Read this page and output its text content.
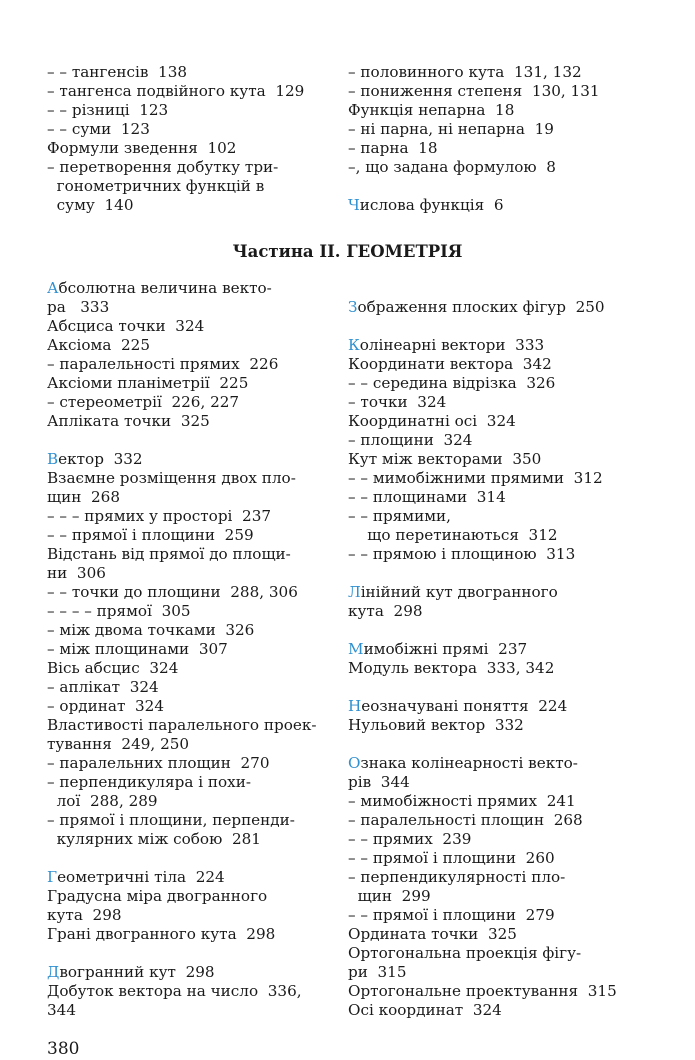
– – тангенсів  138
– тангенса подвійного кута  129
– – різниці  123
– – суми  123
Формули зведення  102
– перетворення добутку три-
гонометричних функцій в
суму  140
– половинного кута  131, 132
– пониження степеня  130, 131
Функція непарна  18
– ні парна, ні непарна  19
– парна  18
–, що задана формулою  8
Числова функція  6
Частина ІІ. ГЕОМЕТРІЯ
Абсолютна величина векто-
ра   333
Абсциса точки  324
Аксіома  225
– паралельності прямих  226
Аксіоми планіметрії  225
– стереометрії  226, 227
Апліката точки  325
Вектор  332
Взаємне розміщення двох пло-
щин  268
– – – прямих у просторі  237
– – прямої і площини  259
Відстань від прямої до площи-
ни  306
– – точки до площини  288, 306
– – – – прямої  305
– між двома точками  326
– між площинами  307
Вісь абсцис  324
– аплікат  324
– ординат  324
Властивості паралельного проек-
тування  249, 250
– паралельних площин  270
– перпендикуляра і похи-
лої  288, 289
– прямої і площини, перпенди-
кулярних між собою  281
Геометричні тіла  224
Градусна міра двогранного
кута  298
Грані двогранного кута  298
Двогранний кут  298
Добуток вектора на число  336,
344
Зображення плоских фігур  250
Колінеарні вектори  333
Координати вектора  342
– – середина відрізка  326
– точки  324
Координатні осі  324
– площини  324
Кут між векторами  350
– – мимобіжними прямими  312
– – площинами  314
– – прямими,
що перетинаються  312
– – прямою і площиною  313
Лінійний кут двогранного
кута  298
Мимобіжні прямі  237
Модуль вектора  333, 342
Неозначувані поняття  224
Нульовий вектор  332
Ознака колінеарності векто-
рів  344
– мимобіжності прямих  241
– паралельності площин  268
– – прямих  239
– – прямої і площини  260
– перпендикулярності пло-
щин  299
– – прямої і площини  279
Ордината точки  325
Ортогональна проекція фігу-
ри  315
Ортогональне проектування  315
Осі координат  324
380
